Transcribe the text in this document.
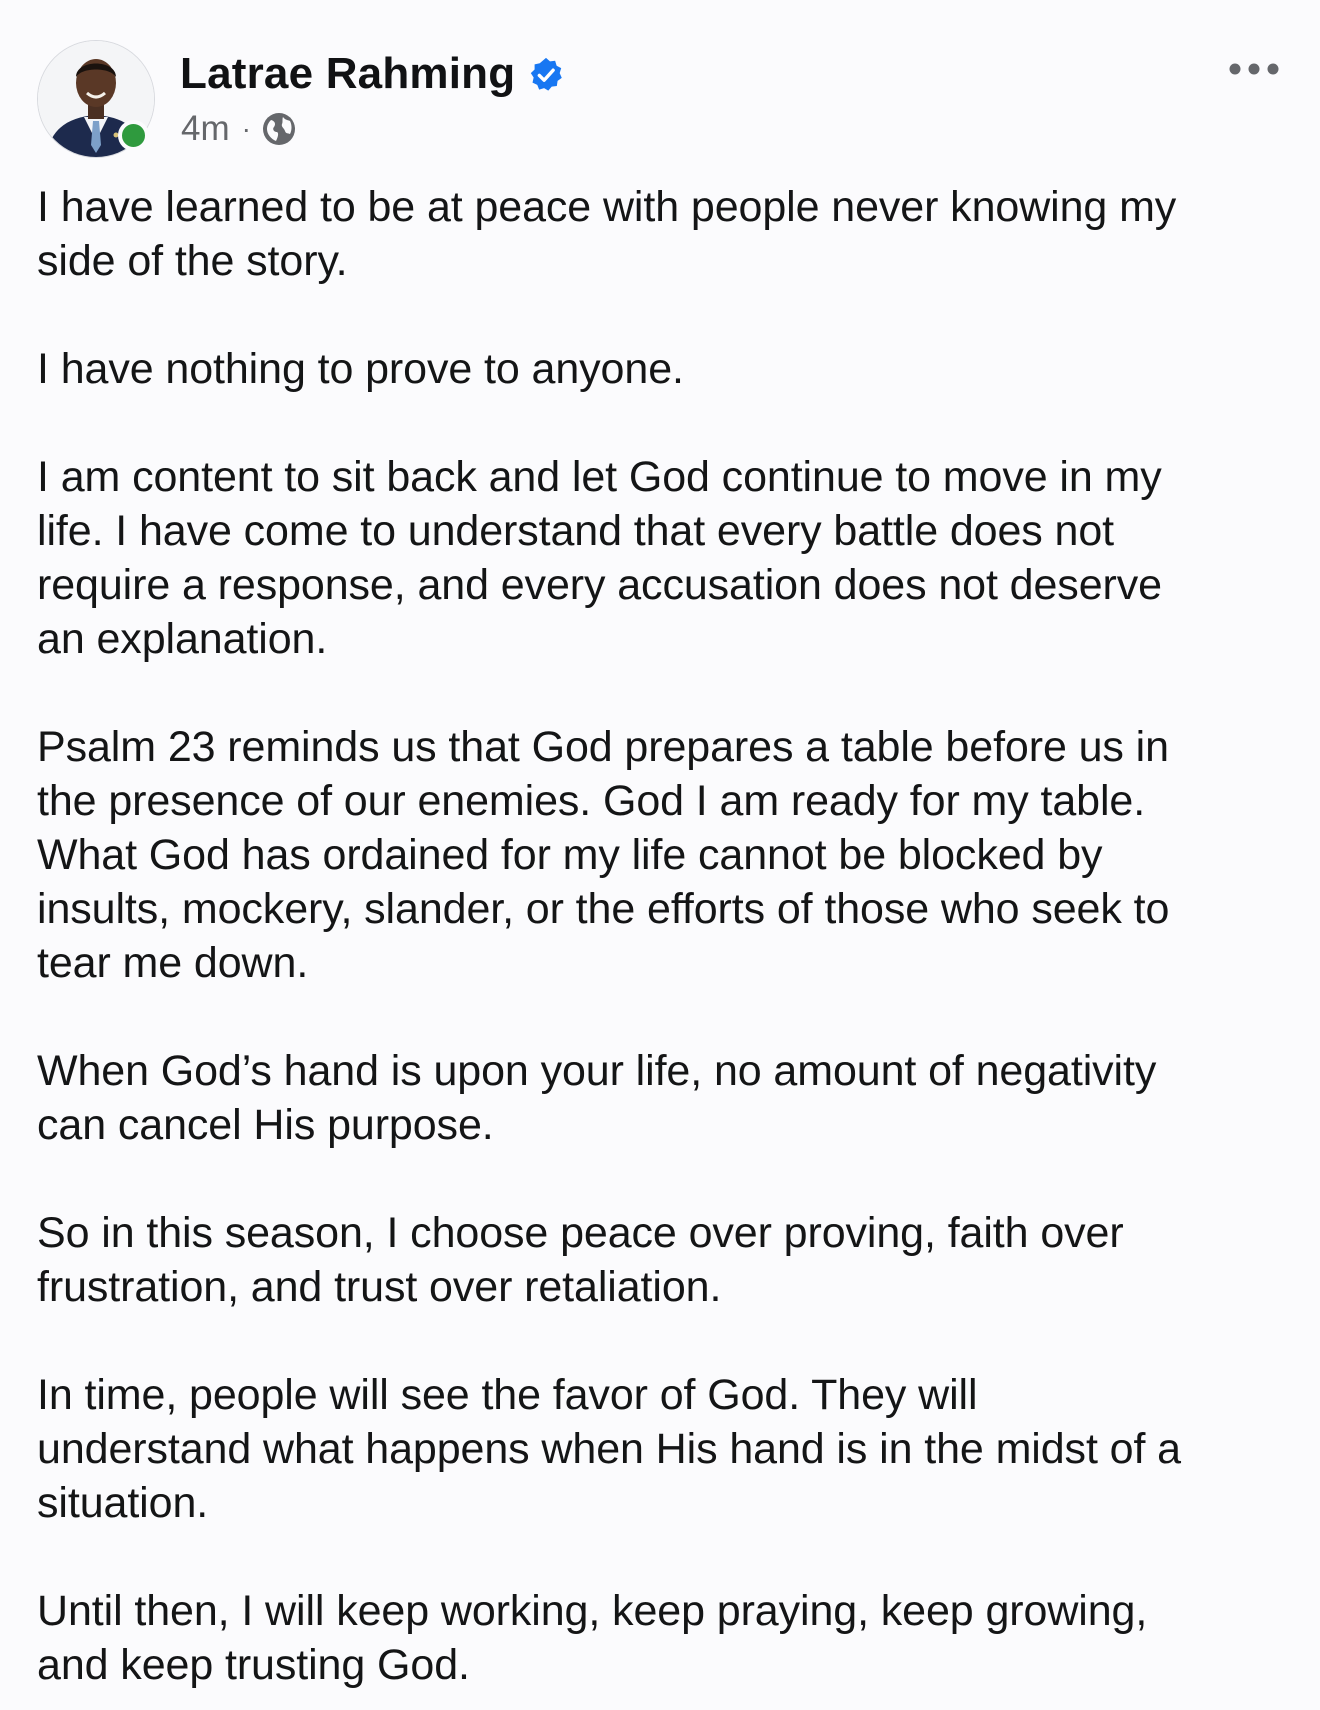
Latrae Rahming
4m ·

I have learned to be at peace with people never knowing my
side of the story.

I have nothing to prove to anyone.

I am content to sit back and let God continue to move in my
life. I have come to understand that every battle does not
require a response, and every accusation does not deserve
an explanation.

Psalm 23 reminds us that God prepares a table before us in
the presence of our enemies. God I am ready for my table.
What God has ordained for my life cannot be blocked by
insults, mockery, slander, or the efforts of those who seek to
tear me down.

When God’s hand is upon your life, no amount of negativity
can cancel His purpose.

So in this season, I choose peace over proving, faith over
frustration, and trust over retaliation.

In time, people will see the favor of God. They will
understand what happens when His hand is in the midst of a
situation.

Until then, I will keep working, keep praying, keep growing,
and keep trusting God.
